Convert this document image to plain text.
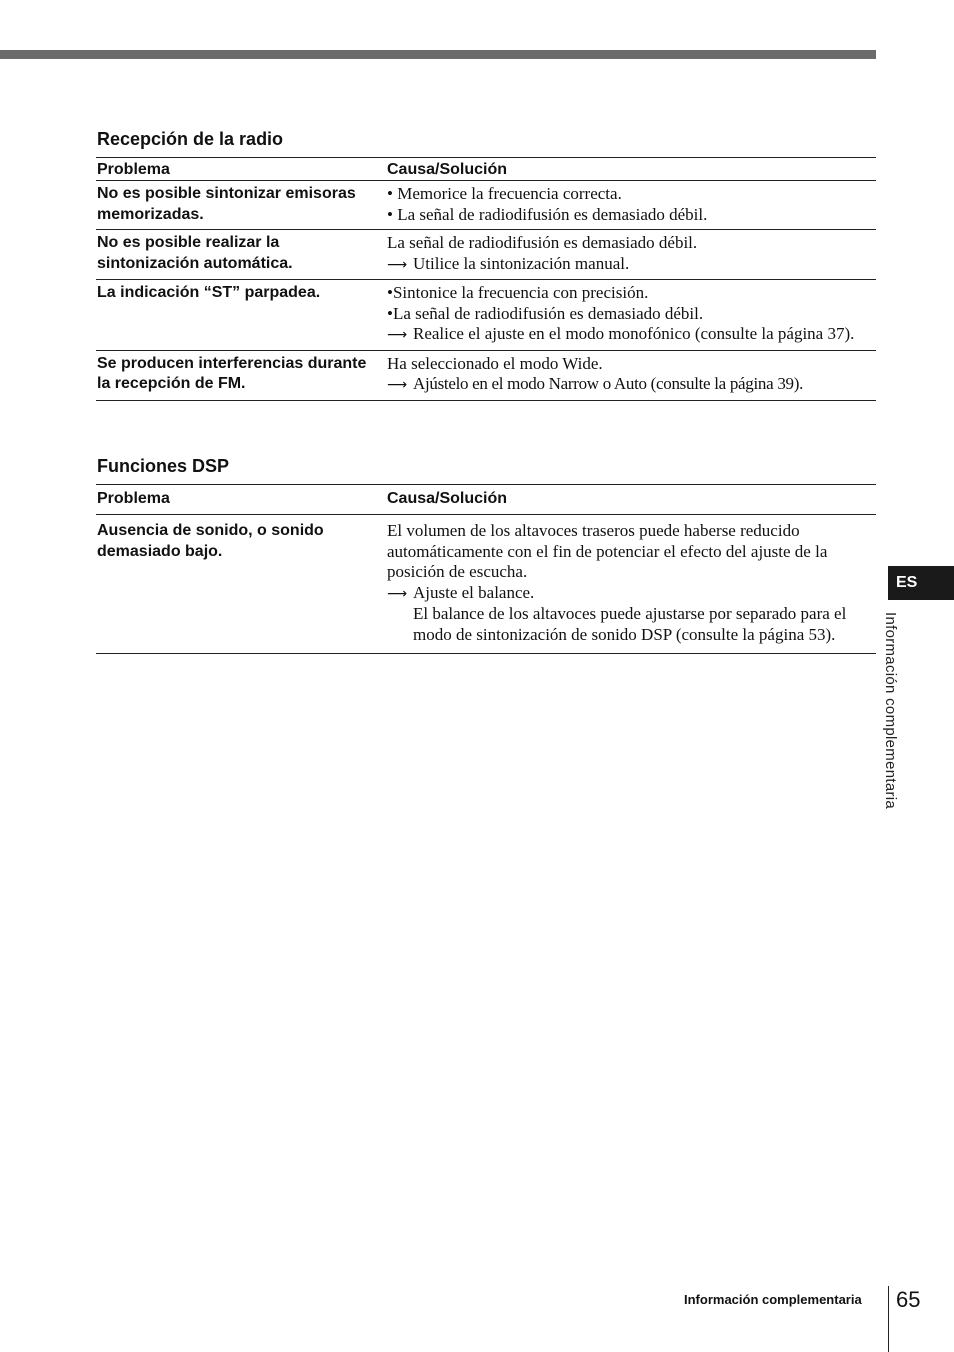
Recepción de la radio
Problema	Causa/Solución
No es posible sintonizar emisoras memorizadas.	• Memorice la frecuencia correcta.
• La señal de radiodifusión es demasiado débil.

No es posible realizar la sintonización automática.	La señal de radiodifusión es demasiado débil.
⟶ Utilice la sintonización manual.

La indicación “ST” parpadea.	•Sintonice la frecuencia con precisión.
•La señal de radiodifusión es demasiado débil.
⟶ Realice el ajuste en el modo monofónico (consulte la página 37).

Se producen interferencias durante la recepción de FM.	Ha seleccionado el modo Wide.
⟶ Ajústelo en el modo Narrow o Auto (consulte la página 39).
Funciones DSP
Problema	Causa/Solución
Ausencia de sonido, o sonido demasiado bajo.	El volumen de los altavoces traseros puede haberse reducido automáticamente con el fin de potenciar el efecto del ajuste de la posición de escucha.
⟶ Ajuste el balance.
El balance de los altavoces puede ajustarse por separado para el modo de sintonización de sonido DSP (consulte la página 53).
ES
Información complementaria
Información complementaria 65
